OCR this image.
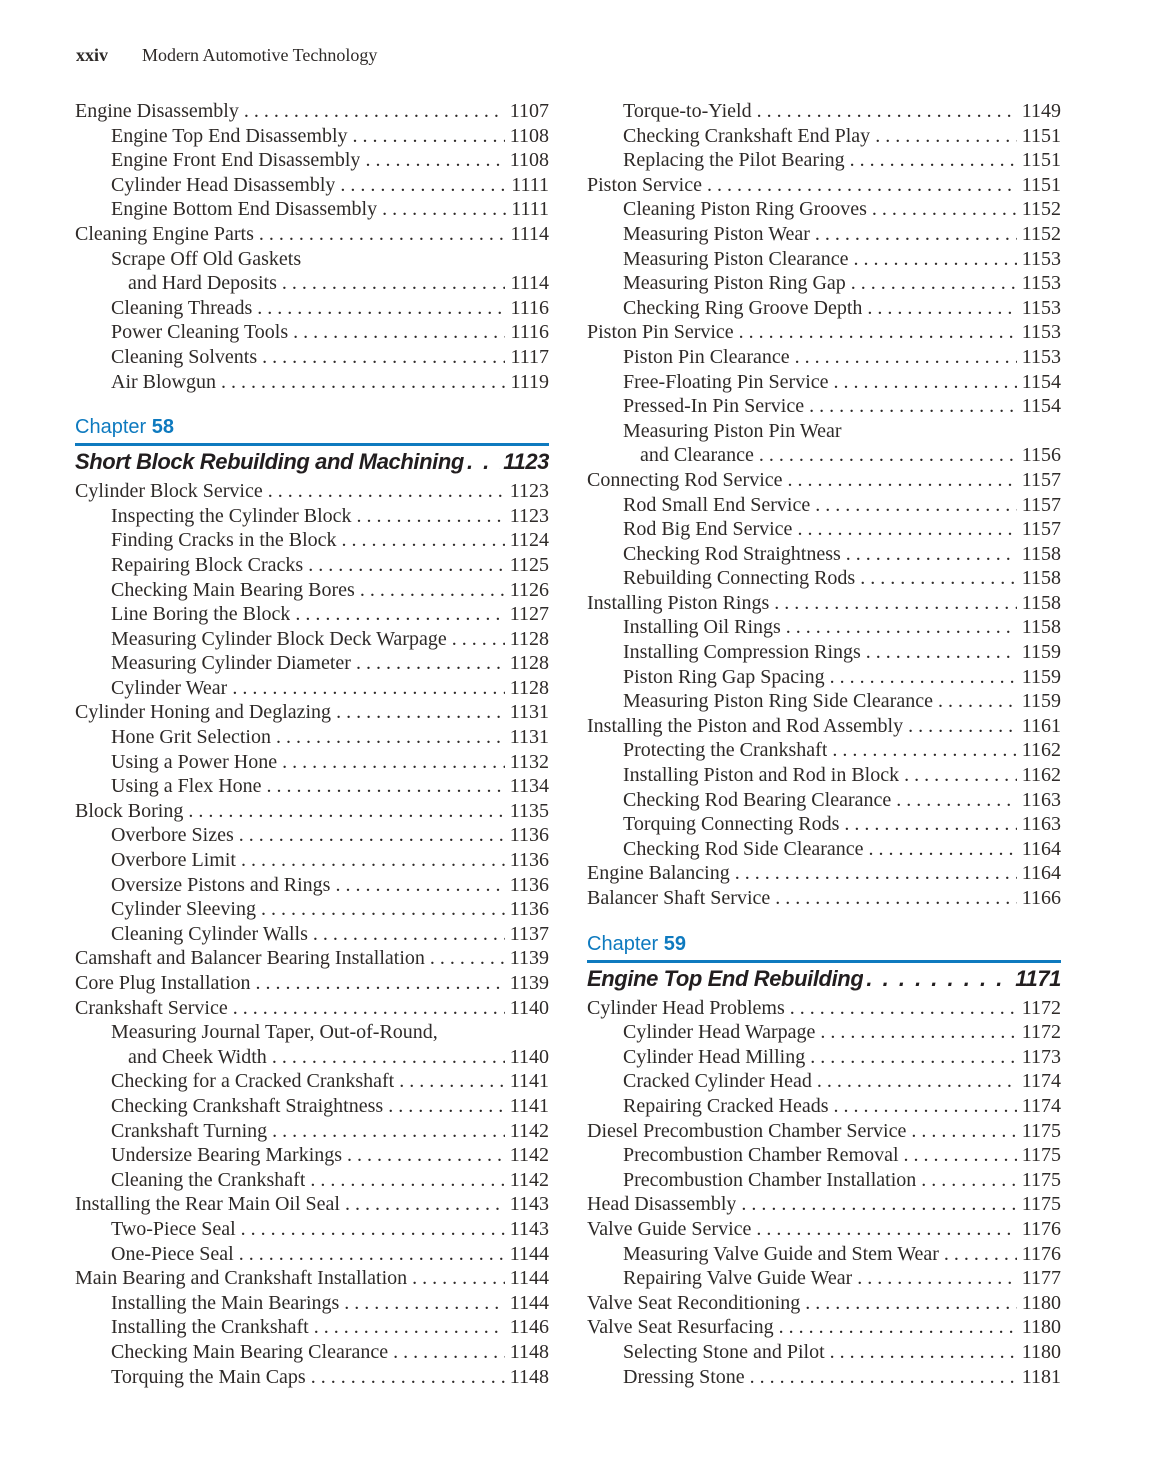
xxiv Modern Automotive Technology
Engine Disassembly . . .	1107
Engine Top End Disassembly . . .	1108
Engine Front End Disassembly . . .	1108
Cylinder Head Disassembly . . .	1111
Engine Bottom End Disassembly . . .	1111
Cleaning Engine Parts . . .	1114
Scrape Off Old Gaskets
and Hard Deposits . . .	1114
Cleaning Threads . . .	1116
Power Cleaning Tools . . .	1116
Cleaning Solvents . . .	1117
Air Blowgun . . .	1119
Chapter 58
Short Block Rebuilding and Machining . . . 1123
Cylinder Block Service . . .	1123
Inspecting the Cylinder Block . . .	1123
Finding Cracks in the Block . . .	1124
Repairing Block Cracks . . .	1125
Checking Main Bearing Bores . . .	1126
Line Boring the Block . . .	1127
Measuring Cylinder Block Deck Warpage . . .	1128
Measuring Cylinder Diameter . . .	1128
Cylinder Wear . . .	1128
Cylinder Honing and Deglazing . . .	1131
Hone Grit Selection . . .	1131
Using a Power Hone . . .	1132
Using a Flex Hone . . .	1134
Block Boring . . .	1135
Overbore Sizes . . .	1136
Overbore Limit . . .	1136
Oversize Pistons and Rings . . .	1136
Cylinder Sleeving . . .	1136
Cleaning Cylinder Walls . . .	1137
Camshaft and Balancer Bearing Installation . . .	1139
Core Plug Installation . . .	1139
Crankshaft Service . . .	1140
Measuring Journal Taper, Out-of-Round,
and Cheek Width . . .	1140
Checking for a Cracked Crankshaft . . .	1141
Checking Crankshaft Straightness . . .	1141
Crankshaft Turning . . .	1142
Undersize Bearing Markings . . .	1142
Cleaning the Crankshaft . . .	1142
Installing the Rear Main Oil Seal . . .	1143
Two-Piece Seal . . .	1143
One-Piece Seal . . .	1144
Main Bearing and Crankshaft Installation . . .	1144
Installing the Main Bearings . . .	1144
Installing the Crankshaft . . .	1146
Checking Main Bearing Clearance . . .	1148
Torquing the Main Caps . . .	1148
Torque-to-Yield . . .	1149
Checking Crankshaft End Play . . .	1151
Replacing the Pilot Bearing . . .	1151
Piston Service . . .	1151
Cleaning Piston Ring Grooves . . .	1152
Measuring Piston Wear . . .	1152
Measuring Piston Clearance . . .	1153
Measuring Piston Ring Gap . . .	1153
Checking Ring Groove Depth . . .	1153
Piston Pin Service . . .	1153
Piston Pin Clearance . . .	1153
Free-Floating Pin Service . . .	1154
Pressed-In Pin Service . . .	1154
Measuring Piston Pin Wear
and Clearance . . .	1156
Connecting Rod Service . . .	1157
Rod Small End Service . . .	1157
Rod Big End Service . . .	1157
Checking Rod Straightness . . .	1158
Rebuilding Connecting Rods . . .	1158
Installing Piston Rings . . .	1158
Installing Oil Rings . . .	1158
Installing Compression Rings . . .	1159
Piston Ring Gap Spacing . . .	1159
Measuring Piston Ring Side Clearance . . .	1159
Installing the Piston and Rod Assembly . . .	1161
Protecting the Crankshaft . . .	1162
Installing Piston and Rod in Block . . .	1162
Checking Rod Bearing Clearance . . .	1163
Torquing Connecting Rods . . .	1163
Checking Rod Side Clearance . . .	1164
Engine Balancing . . .	1164
Balancer Shaft Service . . .	1166
Chapter 59
Engine Top End Rebuilding . . .	1171
Cylinder Head Problems . . .	1172
Cylinder Head Warpage . . .	1172
Cylinder Head Milling . . .	1173
Cracked Cylinder Head . . .	1174
Repairing Cracked Heads . . .	1174
Diesel Precombustion Chamber Service . . .	1175
Precombustion Chamber Removal . . .	1175
Precombustion Chamber Installation . . .	1175
Head Disassembly . . .	1175
Valve Guide Service . . .	1176
Measuring Valve Guide and Stem Wear . . .	1176
Repairing Valve Guide Wear . . .	1177
Valve Seat Reconditioning . . .	1180
Valve Seat Resurfacing . . .	1180
Selecting Stone and Pilot . . .	1180
Dressing Stone . . .	1181
